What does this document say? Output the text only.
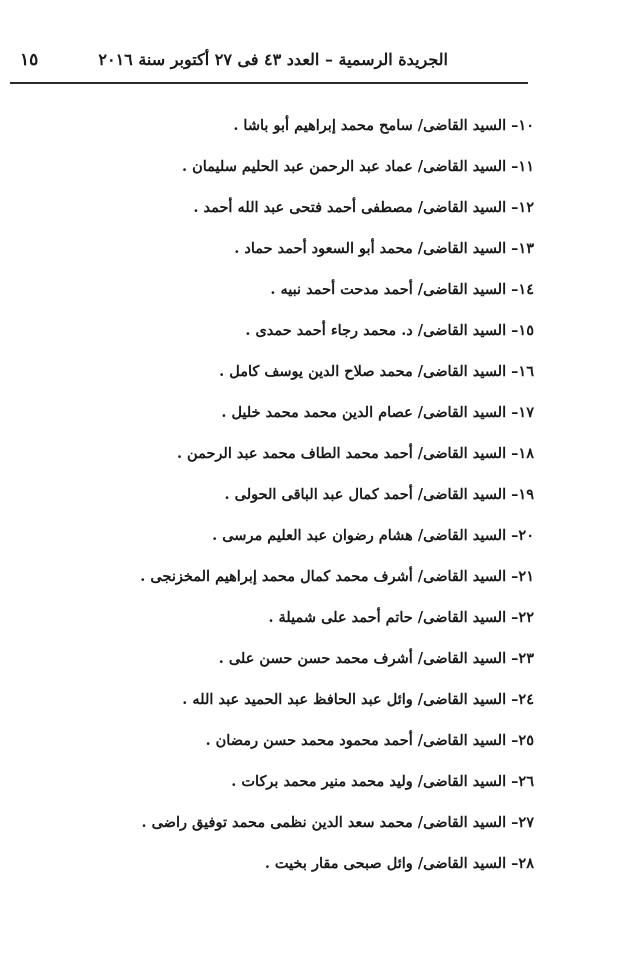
١٥	الجريدة الرسمية – العدد ٤٣ فى ٢٧ أكتوبر سنة ٢٠١٦
١٠– السيد القاضى/ سامح محمد إبراهيم أبو باشا .
١١– السيد القاضى/ عماد عبد الرحمن عبد الحليم سليمان .
١٢– السيد القاضى/ مصطفى أحمد فتحى عبد الله أحمد .
١٣– السيد القاضى/ محمد أبو السعود أحمد حماد .
١٤– السيد القاضى/ أحمد مدحت أحمد نبيه .
١٥– السيد القاضى/ د. محمد رجاء أحمد حمدى .
١٦– السيد القاضى/ محمد صلاح الدين يوسف كامل .
١٧– السيد القاضى/ عصام الدين محمد محمد خليل .
١٨– السيد القاضى/ أحمد محمد الطاف محمد عبد الرحمن .
١٩– السيد القاضى/ أحمد كمال عبد الباقى الحولى .
٢٠– السيد القاضى/ هشام رضوان عبد العليم مرسى .
٢١– السيد القاضى/ أشرف محمد كمال محمد إبراهيم المخزنجى .
٢٢– السيد القاضى/ حاتم أحمد على شميلة .
٢٣– السيد القاضى/ أشرف محمد حسن حسن على .
٢٤– السيد القاضى/ وائل عبد الحافظ عبد الحميد عبد الله .
٢٥– السيد القاضى/ أحمد محمود محمد حسن رمضان .
٢٦– السيد القاضى/ وليد محمد منير محمد بركات .
٢٧– السيد القاضى/ محمد سعد الدين نظمى محمد توفيق راضى .
٢٨– السيد القاضى/ وائل صبحى مقار بخيت .
